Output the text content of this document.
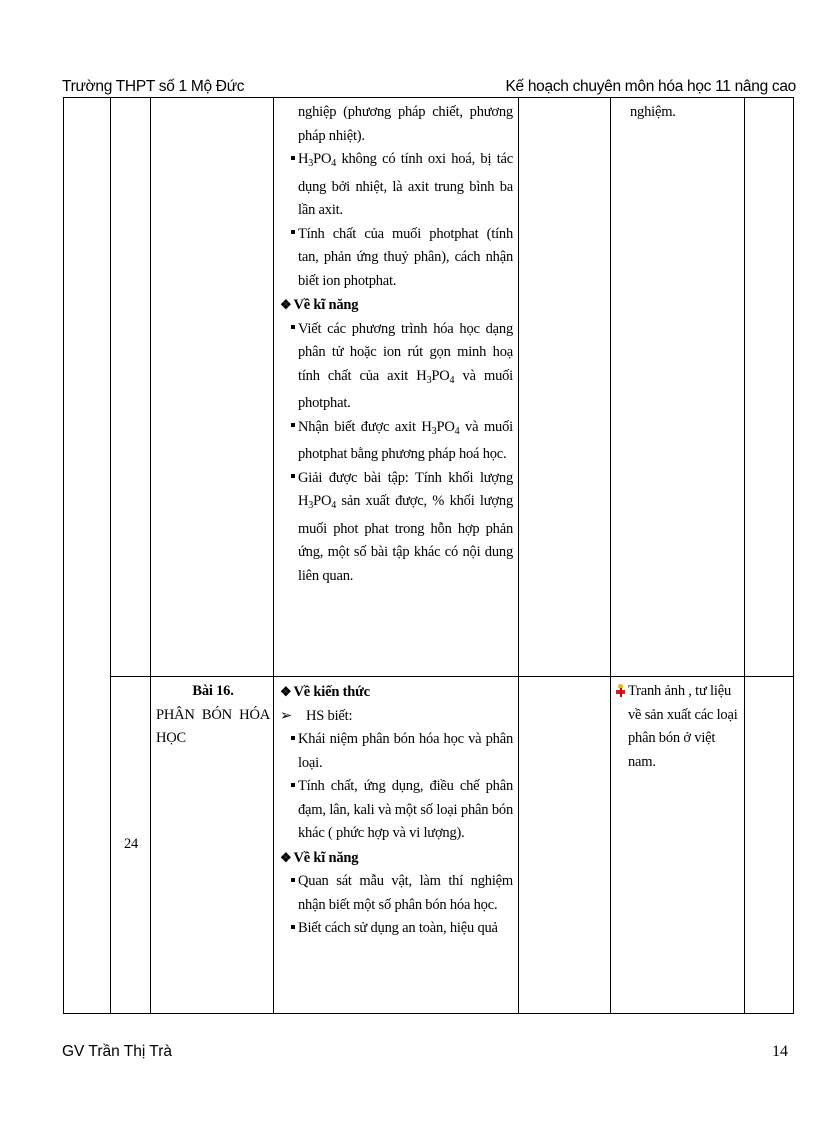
Trường THPT số 1 Mộ Đức	Kế hoạch chuyên môn hóa học 11 nâng cao

nghiệp (phương pháp chiết, phương pháp nhiệt).

$H_3PO_4$ không có tính oxi hoá, bị tác dụng bởi nhiệt, là axit trung bình ba lần axit.

Tính chất của muối photphat (tính tan, phản ứng thuỷ phân), cách nhận biết ion photphat.

❖ Về kĩ năng

Viết các phương trình hóa học dạng phân tử hoặc ion rút gọn minh hoạ tính chất của axit $H_3PO_4$ và muối photphat.

Nhận biết được axit $H_3PO_4$ và muối photphat bằng phương pháp hoá học.

Giải được bài tập: Tính khối lượng $H_3PO_4$ sản xuất được, % khối lượng muối phot phat trong hỗn hợp phản ứng, một số bài tập khác có nội dung liên quan.

nghiệm.

24

Bài 16.

PHÂN BÓN HÓA HỌC

❖ Về kiến thức

➢ HS biết:

Khái niệm phân bón hóa học và phân loại.

Tính chất, ứng dụng, điều chế phân đạm, lân, kali và một số loại phân bón khác ( phức hợp và vi lượng).

❖ Về kĩ năng

Quan sát mẫu vật, làm thí nghiệm nhận biết một số phân bón hóa học.

Biết cách sử dụng an toàn, hiệu quả

Tranh ảnh , tư liệu về sản xuất các loại phân bón ở việt nam.

GV Trần Thị Trà	14
